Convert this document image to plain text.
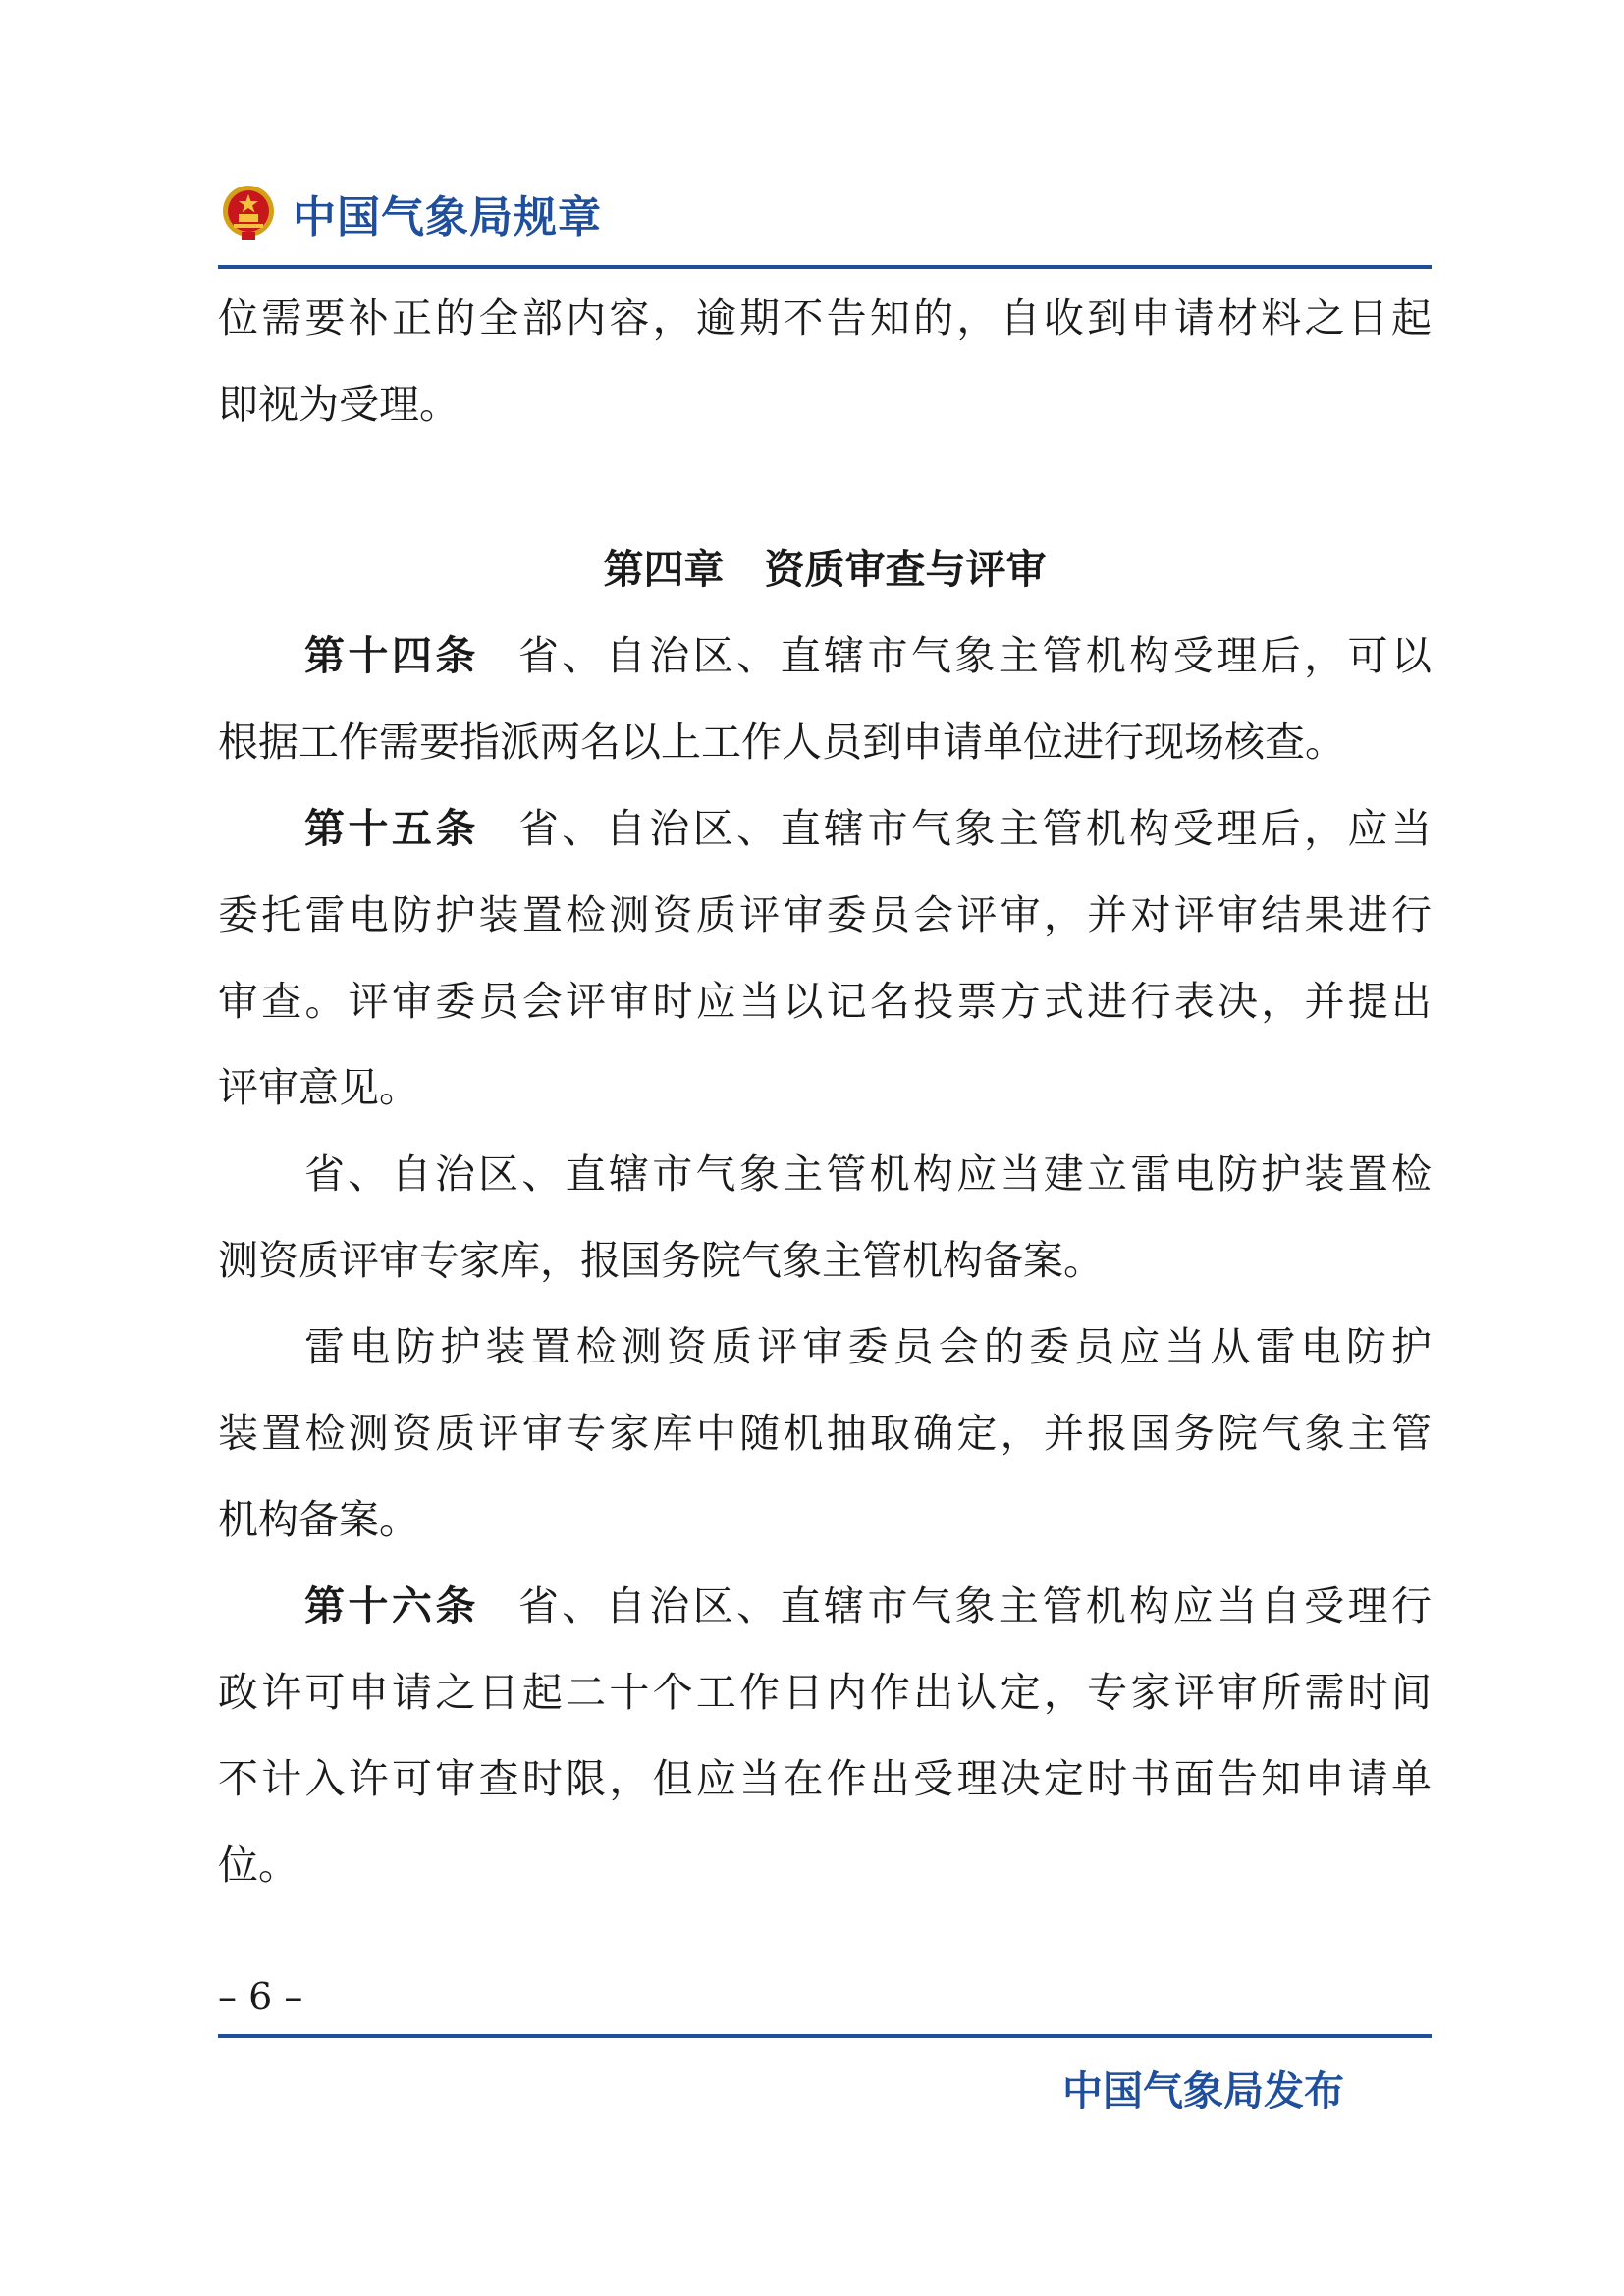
中国气象局规章
位需要补正的全部内容，逾期不告知的，自收到申请材料之日起
即视为受理。
第四章　资质审查与评审
第十四条 省、自治区、直辖市气象主管机构受理后，可以
根据工作需要指派两名以上工作人员到申请单位进行现场核查。
第十五条 省、自治区、直辖市气象主管机构受理后，应当
委托雷电防护装置检测资质评审委员会评审，并对评审结果进行
审查。评审委员会评审时应当以记名投票方式进行表决，并提出
评审意见。
省、自治区、直辖市气象主管机构应当建立雷电防护装置检
测资质评审专家库，报国务院气象主管机构备案。
雷电防护装置检测资质评审委员会的委员应当从雷电防护
装置检测资质评审专家库中随机抽取确定，并报国务院气象主管
机构备案。
第十六条 省、自治区、直辖市气象主管机构应当自受理行
政许可申请之日起二十个工作日内作出认定，专家评审所需时间
不计入许可审查时限，但应当在作出受理决定时书面告知申请单
位。
– 6 –
中国气象局发布
